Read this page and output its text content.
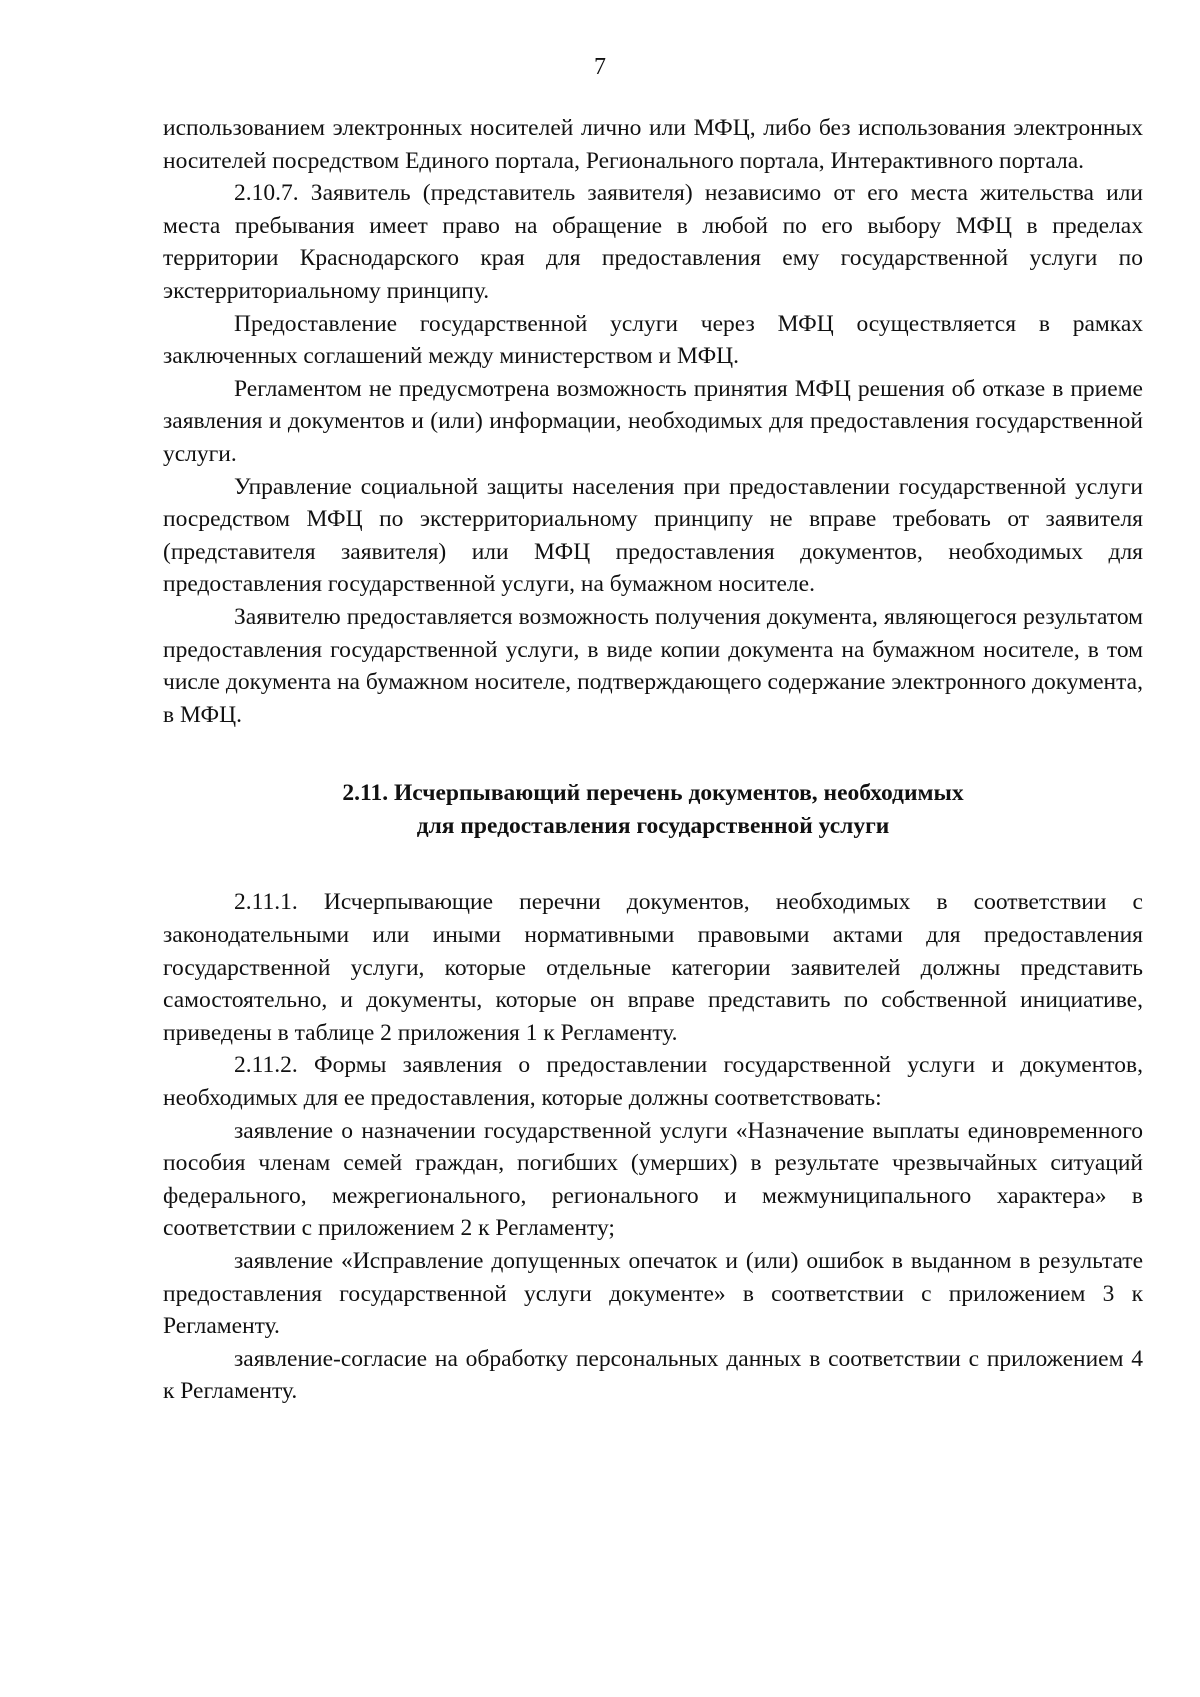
7

использованием электронных носителей лично или МФЦ, либо без использования электронных носителей посредством Единого портала, Регионального портала, Интерактивного портала.

2.10.7. Заявитель (представитель заявителя) независимо от его места жительства или места пребывания имеет право на обращение в любой по его выбору МФЦ в пределах территории Краснодарского края для предоставления ему государственной услуги по экстерриториальному принципу.

Предоставление государственной услуги через МФЦ осуществляется в рамках заключенных соглашений между министерством и МФЦ.

Регламентом не предусмотрена возможность принятия МФЦ решения об отказе в приеме заявления и документов и (или) информации, необходимых для предоставления государственной услуги.

Управление социальной защиты населения при предоставлении государственной услуги посредством МФЦ по экстерриториальному принципу не вправе требовать от заявителя (представителя заявителя) или МФЦ предоставления документов, необходимых для предоставления государственной услуги, на бумажном носителе.

Заявителю предоставляется возможность получения документа, являющегося результатом предоставления государственной услуги, в виде копии документа на бумажном носителе, в том числе документа на бумажном носителе, подтверждающего содержание электронного документа, в МФЦ.

2.11. Исчерпывающий перечень документов, необходимых
для предоставления государственной услуги

2.11.1. Исчерпывающие перечни документов, необходимых в соответствии с законодательными или иными нормативными правовыми актами для предоставления государственной услуги, которые отдельные категории заявителей должны представить самостоятельно, и документы, которые он вправе представить по собственной инициативе, приведены в таблице 2 приложения 1 к Регламенту.

2.11.2. Формы заявления о предоставлении государственной услуги и документов, необходимых для ее предоставления, которые должны соответствовать:

заявление о назначении государственной услуги «Назначение выплаты единовременного пособия членам семей граждан, погибших (умерших) в результате чрезвычайных ситуаций федерального, межрегионального, регионального и межмуниципального характера» в соответствии с приложением 2 к Регламенту;

заявление «Исправление допущенных опечаток и (или) ошибок в выданном в результате предоставления государственной услуги документе» в соответствии с приложением 3 к Регламенту.

заявление-согласие на обработку персональных данных в соответствии с приложением 4 к Регламенту.
